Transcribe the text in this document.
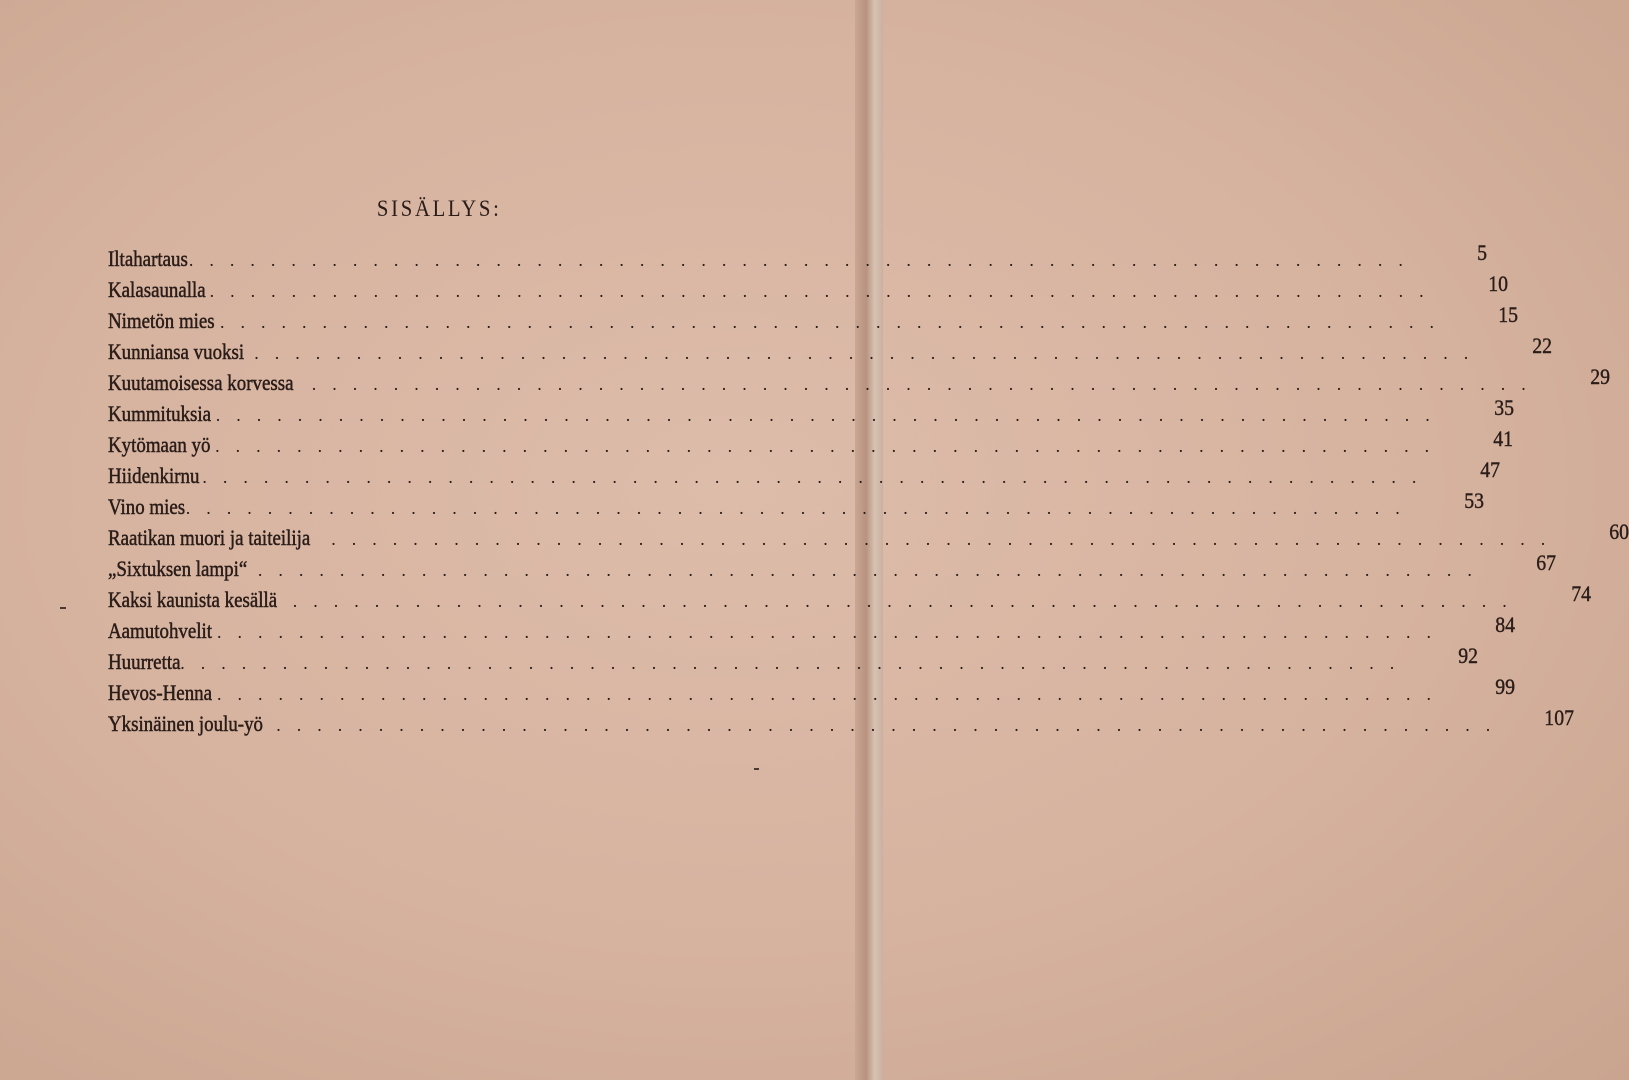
SISÄLLYS:
Iltahartaus ............................................................	5
Kalasaunalla ............................................................	10
Nimetön mies ............................................................	15
Kunniansa vuoksi ............................................................	22
Kuutamoisessa korvessa ............................................................	29
Kummituksia ............................................................	35
Kytömaan yö ............................................................	41
Hiidenkirnu ............................................................	47
Vino mies ............................................................	53
Raatikan muori ja taiteilija ............................................................	60
„Sixtuksen lampi“ ............................................................	67
Kaksi kaunista kesällä ............................................................	74
Aamutohvelit ............................................................	84
Huurretta ............................................................	92
Hevos-Henna ............................................................	99
Yksinäinen joulu-yö ............................................................	107
